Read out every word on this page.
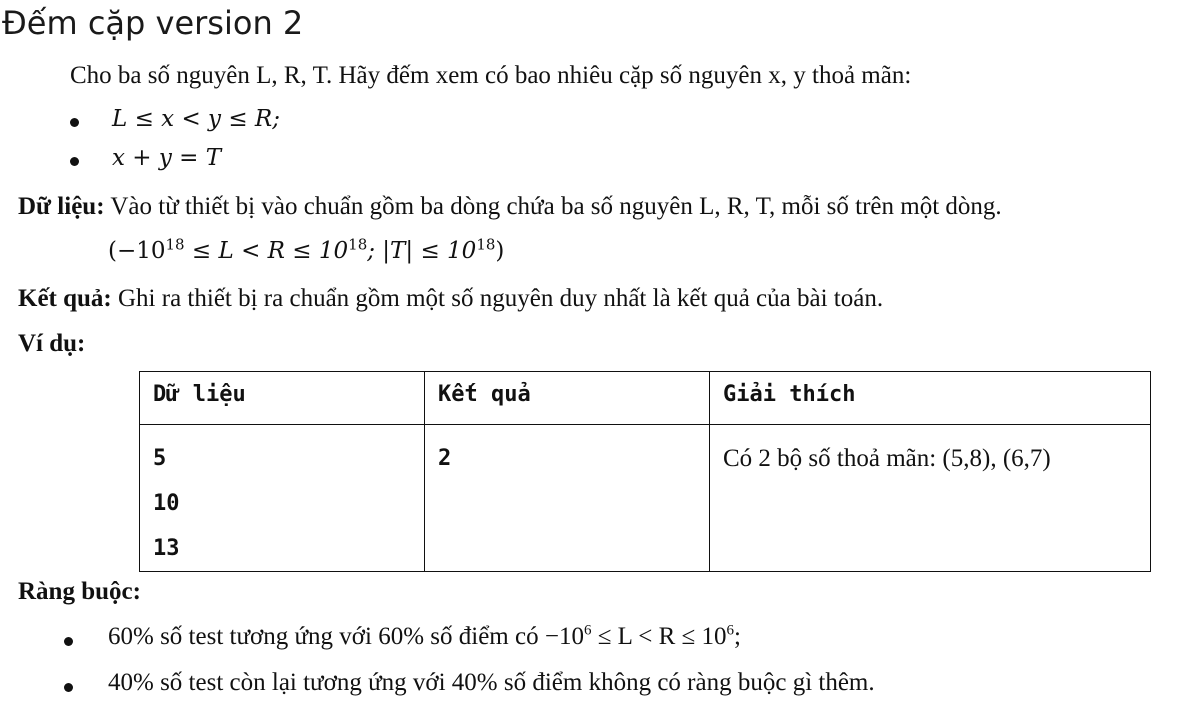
Đếm cặp version 2
Cho ba số nguyên L, R, T. Hãy đếm xem có bao nhiêu cặp số nguyên x, y thoả mãn:
L ≤ x < y ≤ R;
x + y = T
Dữ liệu: Vào từ thiết bị vào chuẩn gồm ba dòng chứa ba số nguyên L, R, T, mỗi số trên một dòng.
($-10^{18} \le L < R \le 10^{18}$; $|T| \le 10^{18}$)
Kết quả: Ghi ra thiết bị ra chuẩn gồm một số nguyên duy nhất là kết quả của bài toán.
Ví dụ:
Dữ liệu	Kết quả	Giải thích

5
10
13	2	Có 2 bộ số thoả mãn: (5,8), (6,7)
Ràng buộc:
60% số test tương ứng với 60% số điểm có $-10^6 \le L < R \le 10^6$;
40% số test còn lại tương ứng với 40% số điểm không có ràng buộc gì thêm.
